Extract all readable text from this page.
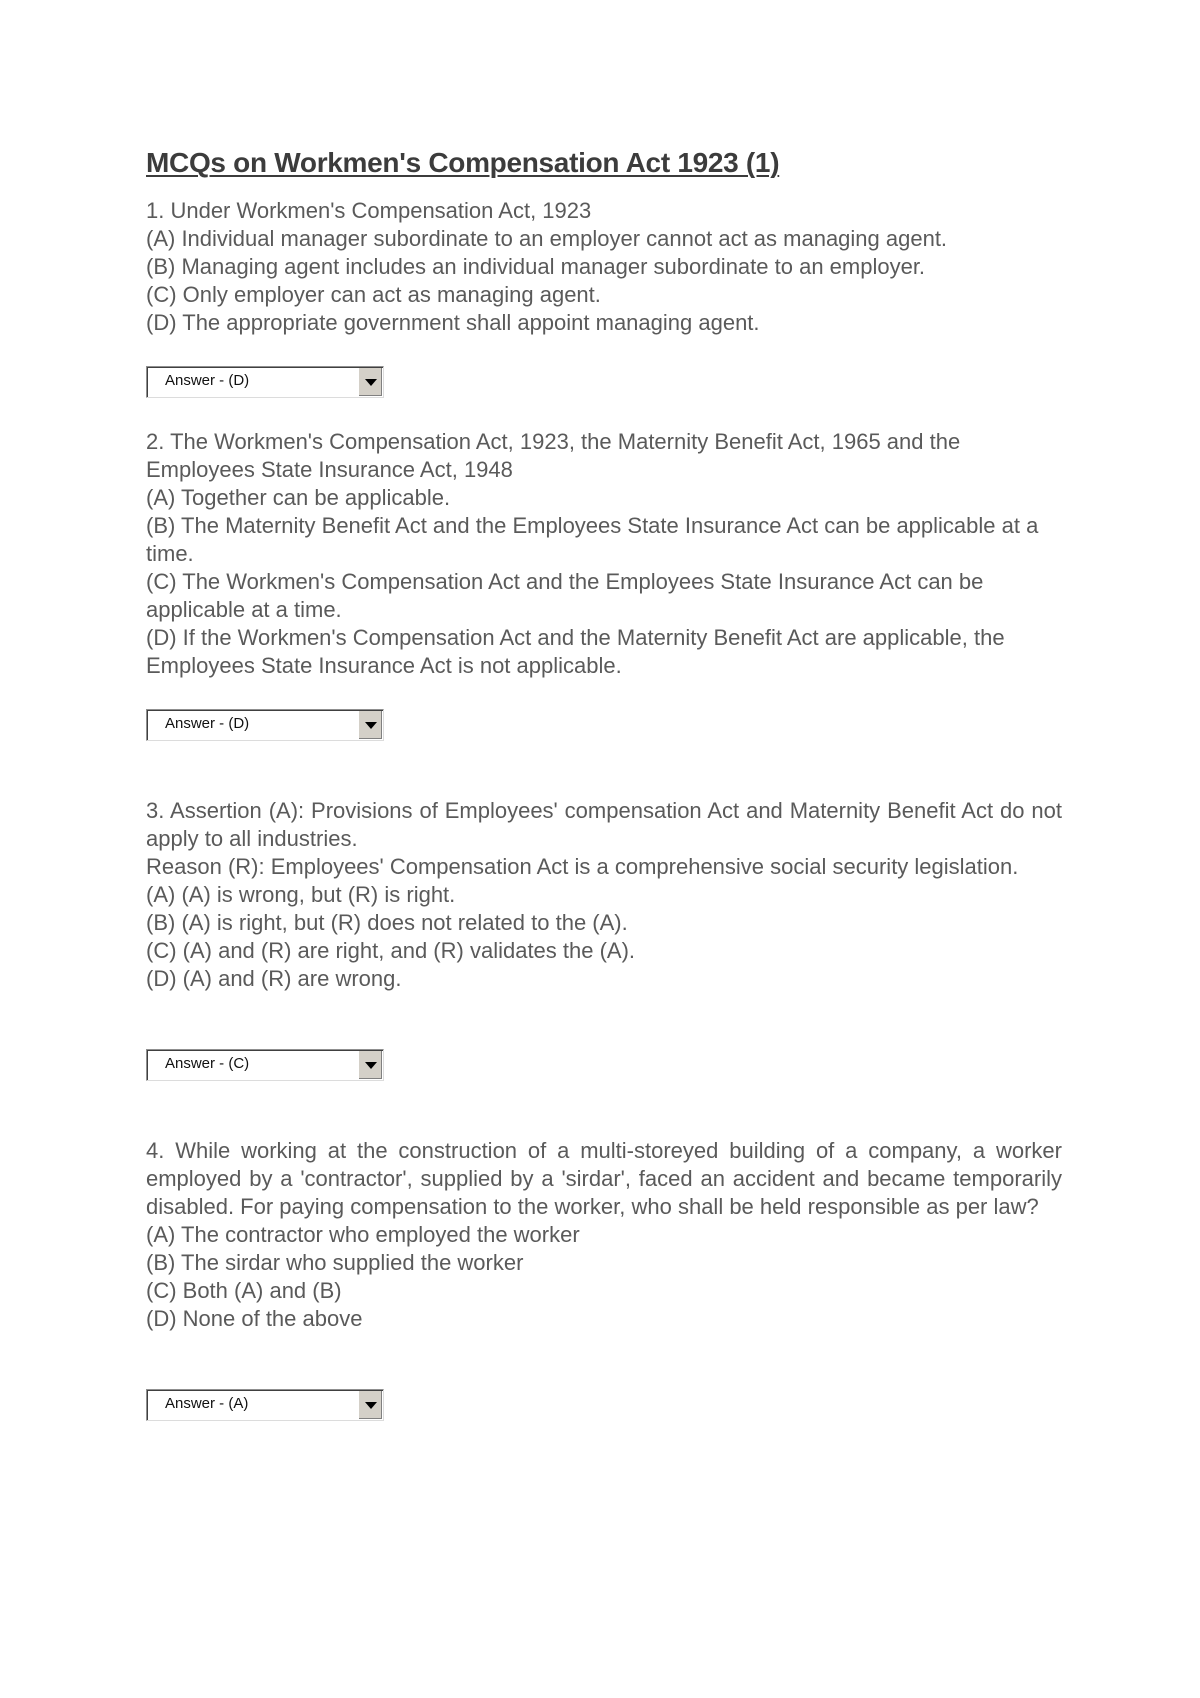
MCQs on Workmen's Compensation Act 1923 (1)
1. Under Workmen's Compensation Act, 1923
(A) Individual manager subordinate to an employer cannot act as managing agent.
(B) Managing agent includes an individual manager subordinate to an employer.
(C) Only employer can act as managing agent.
(D) The appropriate government shall appoint managing agent.
Answer - (D)
2. The Workmen's Compensation Act, 1923, the Maternity Benefit Act, 1965 and the Employees State Insurance Act, 1948
(A) Together can be applicable.
(B) The Maternity Benefit Act and the Employees State Insurance Act can be applicable at a time.
(C) The Workmen's Compensation Act and the Employees State Insurance Act can be applicable at a time.
(D) If the Workmen's Compensation Act and the Maternity Benefit Act are applicable, the Employees State Insurance Act is not applicable.
Answer - (D)
3. Assertion (A): Provisions of Employees' compensation Act and Maternity Benefit Act do not apply to all industries.
Reason (R): Employees' Compensation Act is a comprehensive social security legislation.
(A) (A) is wrong, but (R) is right.
(B) (A) is right, but (R) does not related to the (A).
(C) (A) and (R) are right, and (R) validates the (A).
(D) (A) and (R) are wrong.
Answer - (C)
4. While working at the construction of a multi-storeyed building of a company, a worker employed by a 'contractor', supplied by a 'sirdar', faced an accident and became temporarily disabled. For paying compensation to the worker, who shall be held responsible as per law?
(A) The contractor who employed the worker
(B) The sirdar who supplied the worker
(C) Both (A) and (B)
(D) None of the above
Answer - (A)
